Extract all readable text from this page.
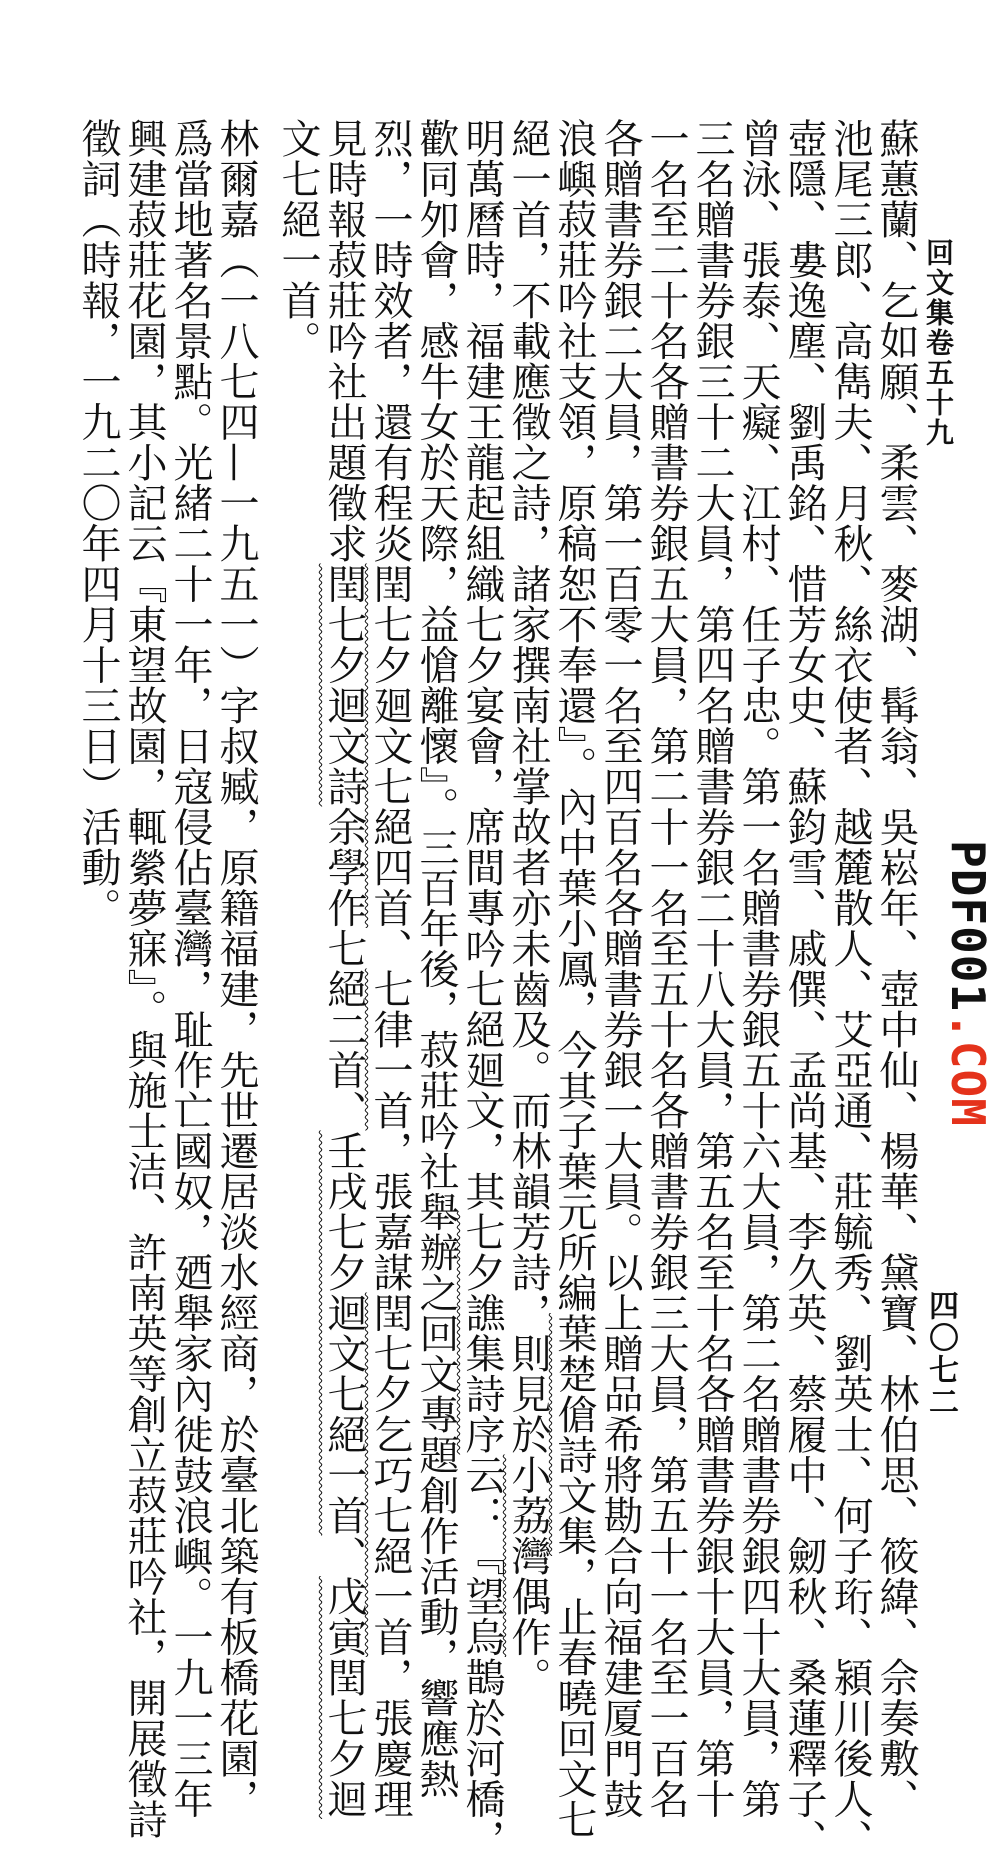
回文集卷五十九
PDF001.COM
四〇七二
蘇蕙蘭、乞如願、柔雲、麥湖、髯翁、吳崧年、壺中仙、楊華、黛寶、林伯思、筱緯、佘奏敷、
池尾三郎、高雋夫、月秋、絲衣使者、越麓散人、艾亞通、莊毓秀、劉英士、何子珩、潁川後人、
壺隱、婁逸塵、劉禹銘、惜芳女史、蘇鈞雪、戚僎、孟尚基、李久英、蔡履中、劒秋、桑蓮釋子、
曾泳、張泰、天癡、江村、任子忠。第一名贈書券銀五十六大員，第二名贈書券銀四十大員，第
三名贈書券銀三十二大員，第四名贈書券銀二十八大員，第五名至十名各贈書券銀十大員，第十
一名至二十名各贈書券銀五大員，第二十一名至五十名各贈書券銀三大員，第五十一名至一百名
各贈書券銀二大員，第一百零一名至四百名各贈書券銀一大員。以上贈品希將勘合向福建厦門鼓
浪嶼菽莊吟社支領，原稿恕不奉還』。內中葉小鳳，今其子葉元所編葉楚傖詩文集，止春曉回文七
絕一首，不載應徵之詩，諸家撰南社掌故者亦未齒及。而林韻芳詩，則見於小荔灣偶作。
明萬曆時，福建王龍起組織七夕宴會，席間專吟七絕廻文，其七夕譙集詩序云：『望烏鵲於河橋，
歡同夘會，感牛女於天際，益愴離懷』。三百年後，菽莊吟社舉辦之回文專題創作活動，響應熱
烈，一時效者，還有程炎閏七夕廻文七絕四首、七律一首，張嘉謀閏七夕乞巧七絕一首，張慶理
見時報菽莊吟社出題徵求閏七夕迴文詩余學作七絕二首、壬戌七夕迴文七絕一首、戊寅閏七夕迴
文七絕一首。
林爾嘉（一八七四—一九五一）字叔臧，原籍福建，先世遷居淡水經商，於臺北築有板橋花園，
爲當地著名景點。光緒二十一年，日寇侵佔臺灣，耻作亡國奴，廼舉家內徙鼓浪嶼。一九一三年
興建菽莊花園，其小記云『東望故園，輒縈夢寐』。與施士洁、許南英等創立菽莊吟社，開展徵詩
徵詞（時報，一九二〇年四月十三日）活動。
